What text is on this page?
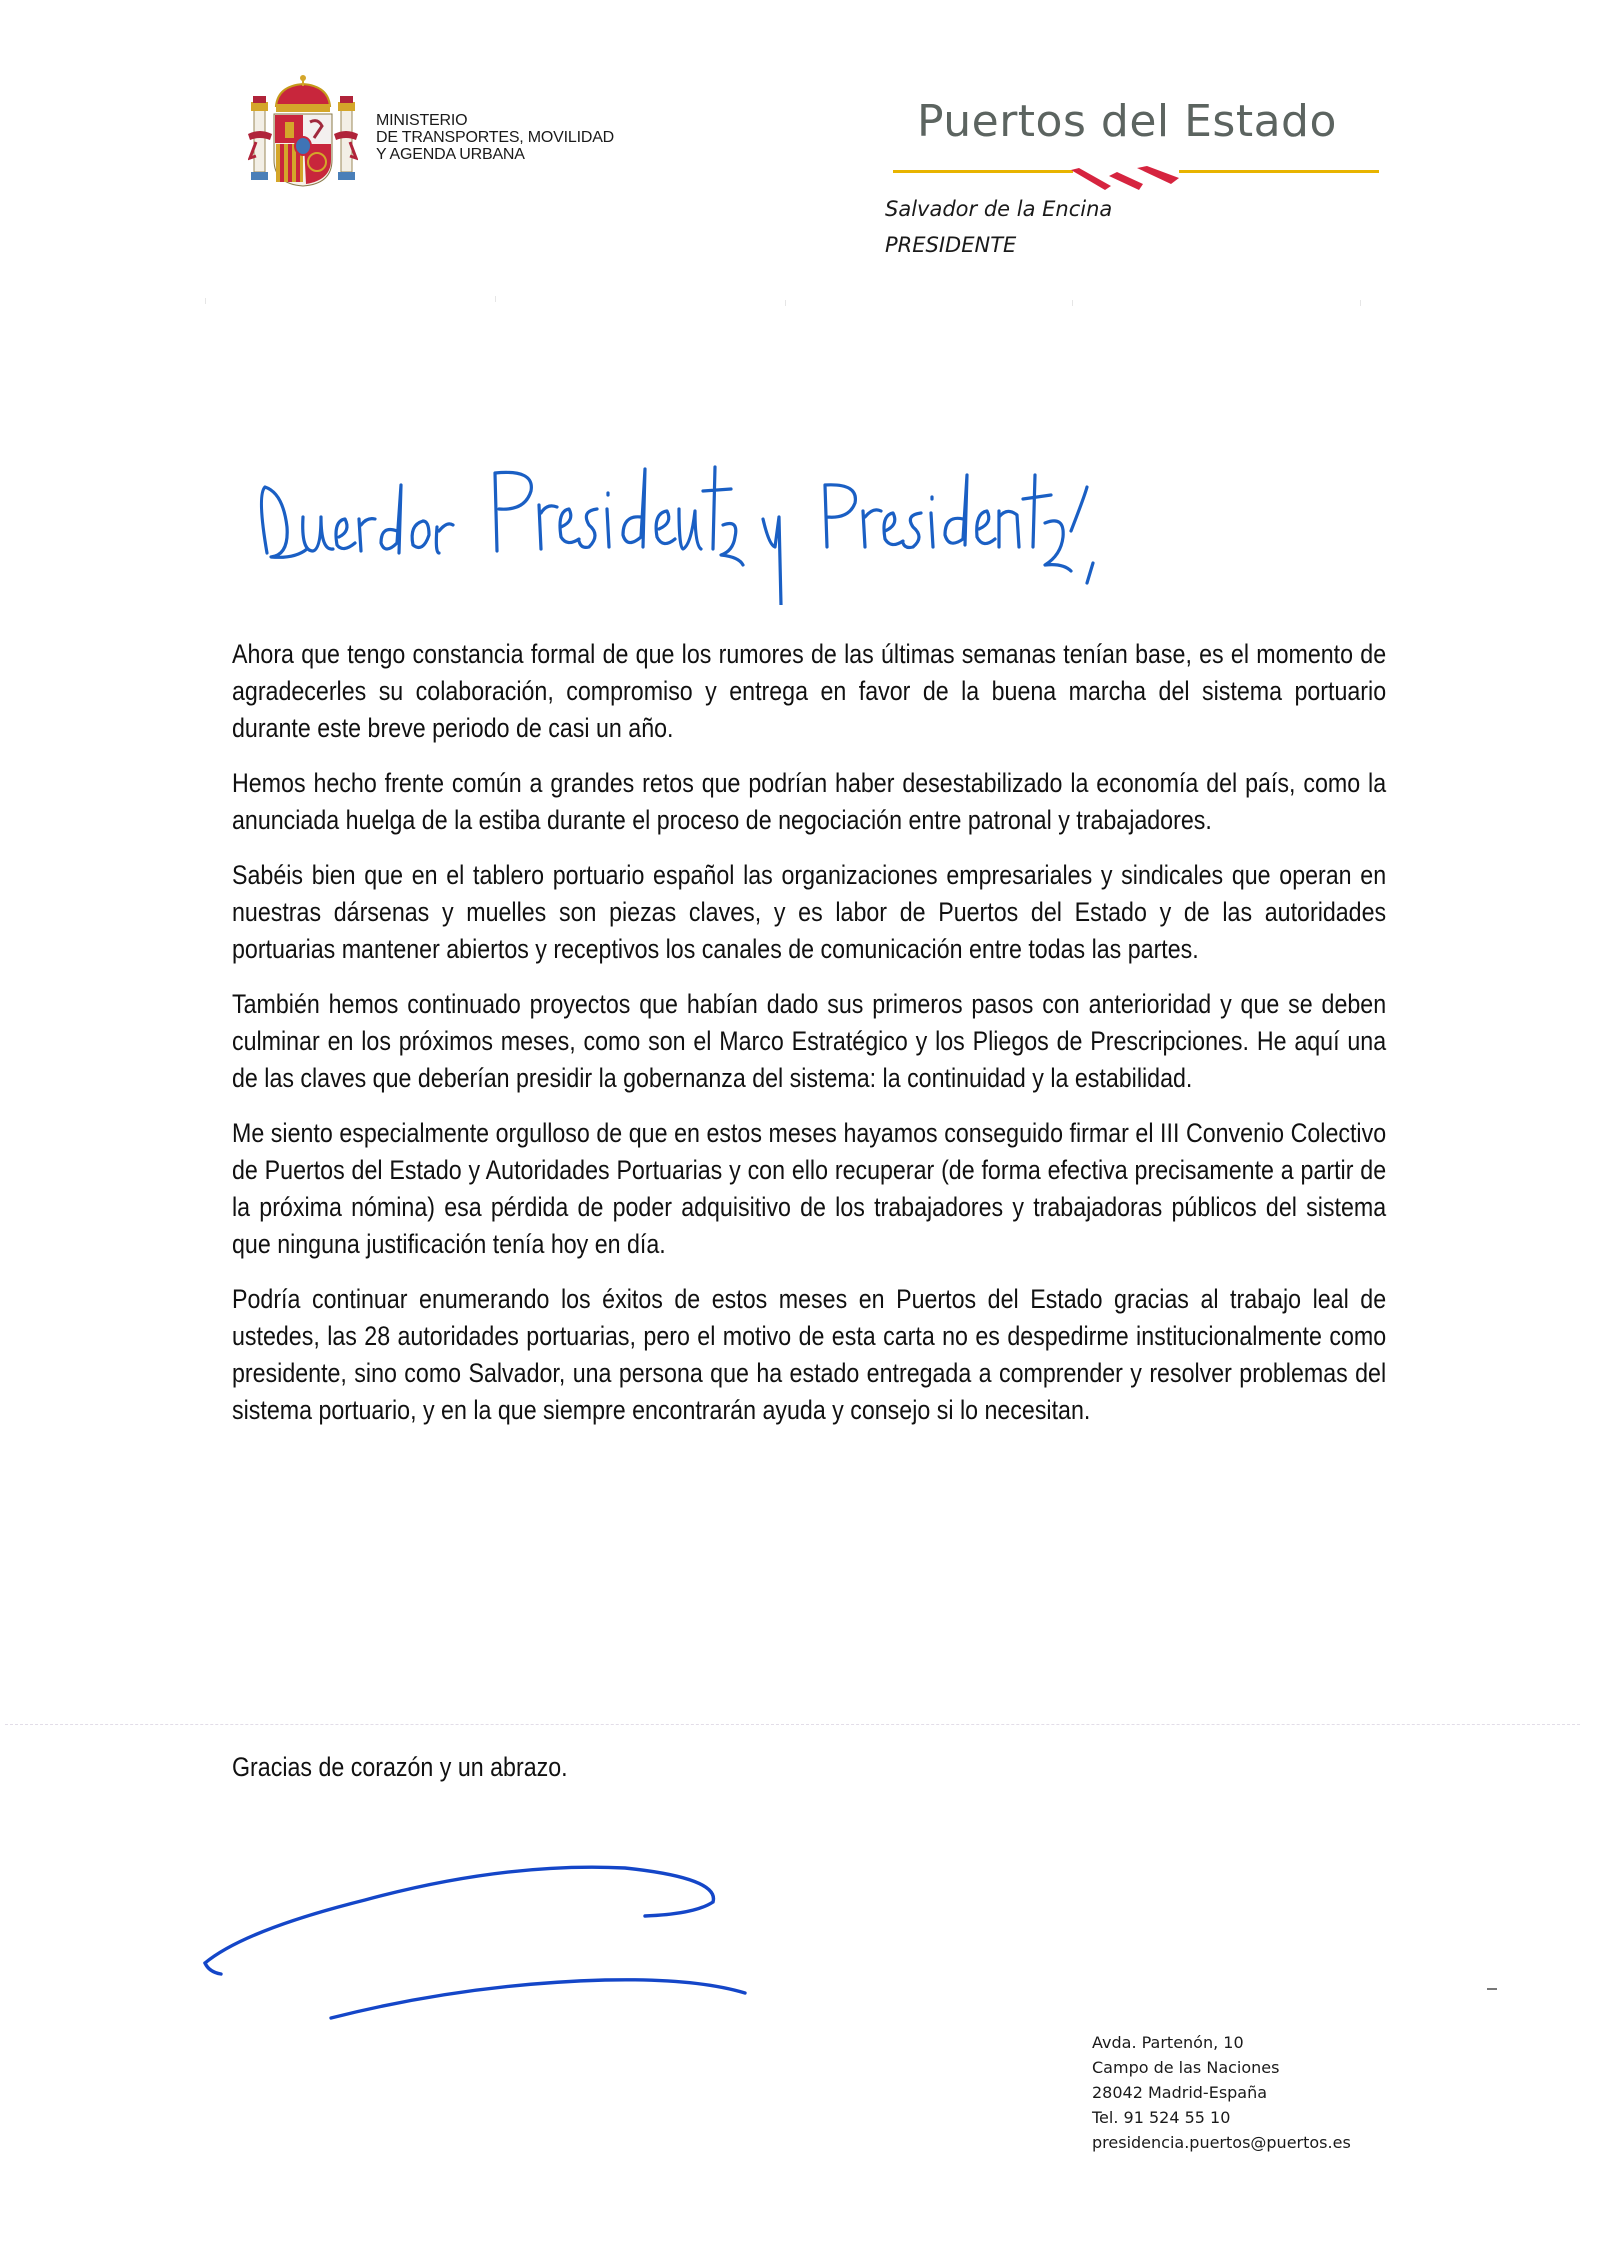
MINISTERIO
DE TRANSPORTES, MOVILIDAD
Y AGENDA URBANA
Puertos del Estado
Salvador de la Encina
PRESIDENTE

Ahora que tengo constancia formal de que los rumores de las últimas semanas tenían base, es el momento de agradecerles su colaboración, compromiso y entrega en favor de la buena marcha del sistema portuario durante este breve periodo de casi un año.

Hemos hecho frente común a grandes retos que podrían haber desestabilizado la economía del país, como la anunciada huelga de la estiba durante el proceso de negociación entre patronal y trabajadores.

Sabéis bien que en el tablero portuario español las organizaciones empresariales y sindicales que operan en nuestras dársenas y muelles son piezas claves, y es labor de Puertos del Estado y de las autoridades portuarias mantener abiertos y receptivos los canales de comunicación entre todas las partes.

También hemos continuado proyectos que habían dado sus primeros pasos con anterioridad y que se deben culminar en los próximos meses, como son el Marco Estratégico y los Pliegos de Prescripciones. He aquí una de las claves que deberían presidir la gobernanza del sistema: la continuidad y la estabilidad.

Me siento especialmente orgulloso de que en estos meses hayamos conseguido firmar el III Convenio Colectivo de Puertos del Estado y Autoridades Portuarias y con ello recuperar (de forma efectiva precisamente a partir de la próxima nómina) esa pérdida de poder adquisitivo de los trabajadores y trabajadoras públicos del sistema que ninguna justificación tenía hoy en día.

Podría continuar enumerando los éxitos de estos meses en Puertos del Estado gracias al trabajo leal de ustedes, las 28 autoridades portuarias, pero el motivo de esta carta no es despedirme institucionalmente como presidente, sino como Salvador, una persona que ha estado entregada a comprender y resolver problemas del sistema portuario, y en la que siempre encontrarán ayuda y consejo si lo necesitan.

Gracias de corazón y un abrazo.
Avda. Partenón, 10
Campo de las Naciones
28042 Madrid-España
Tel. 91 524 55 10
presidencia.puertos@puertos.es
